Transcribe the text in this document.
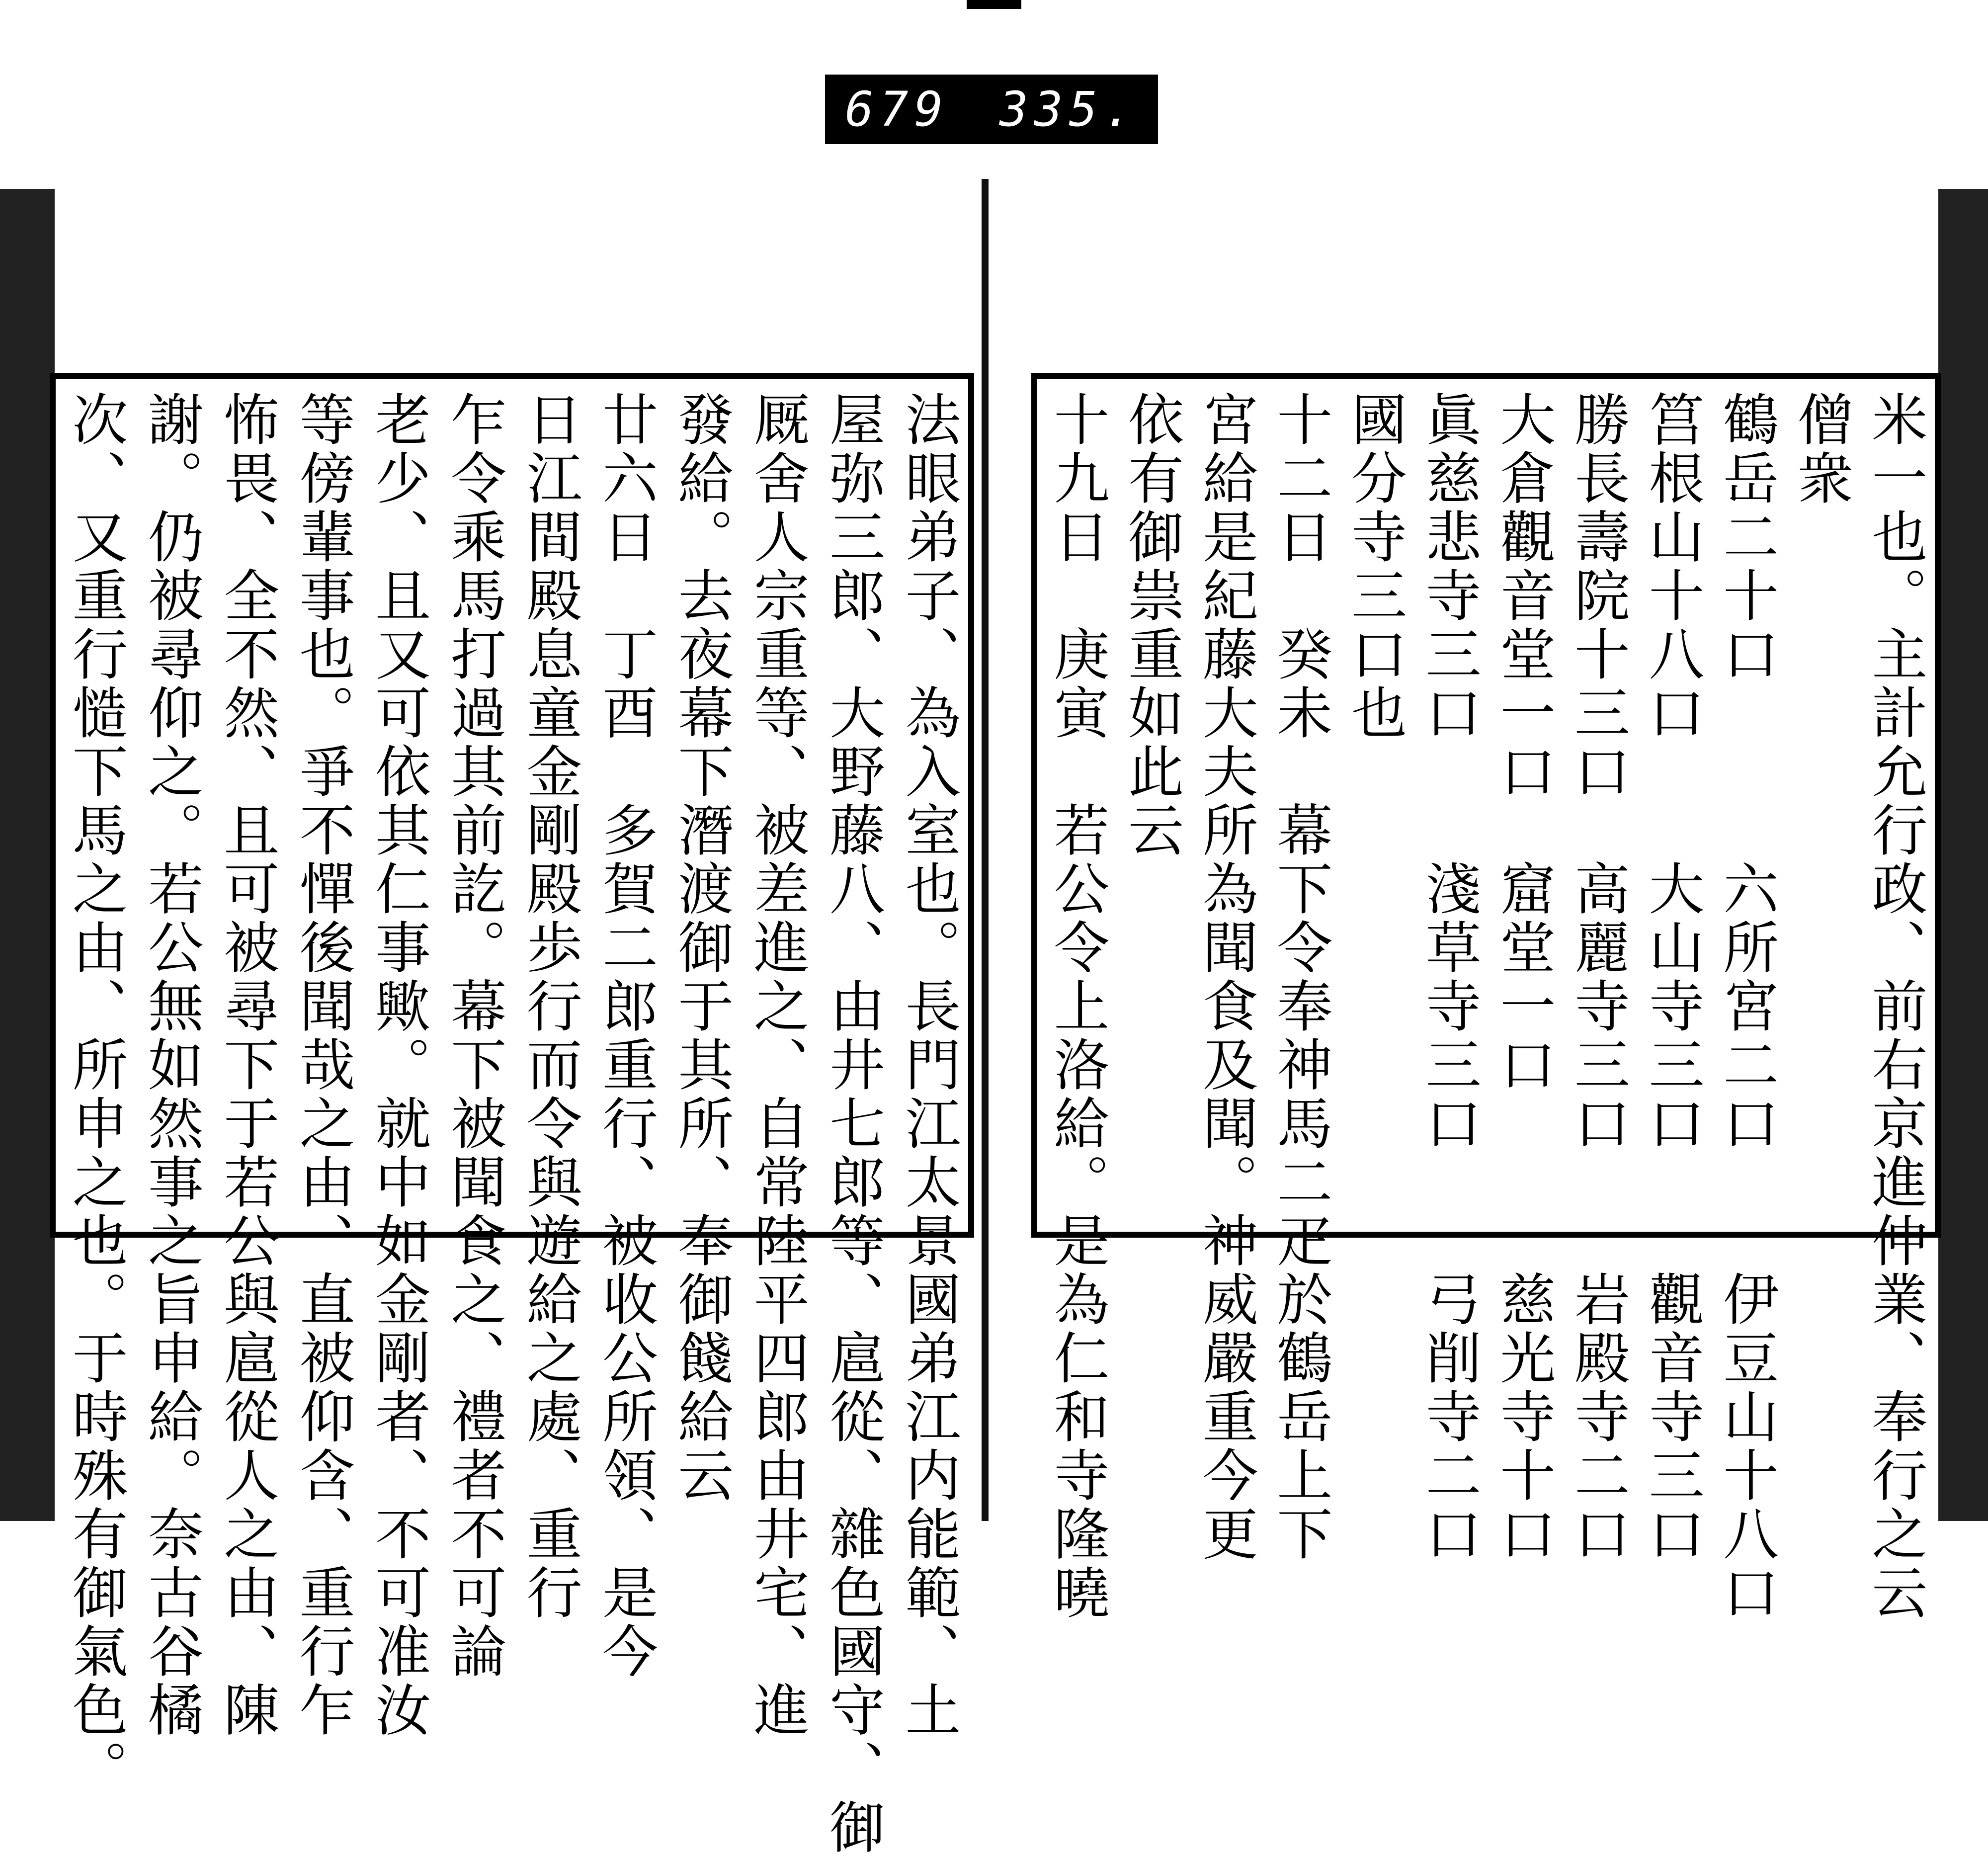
679 335.
法眼弟子、為入室也。長門江太景國弟江内能範、土
屋弥三郎、大野藤八、由井七郎等、扈從、雜色國守、御
厩舍人宗重等、被差進之、自常陸平四郎由井宅、進
發給。去夜幕下潛渡御于其所、奉御餞給云
廿六日　丁酉　多賀二郎重行、被收公所領、是今
日江間殿息童金剛殿歩行而令與遊給之處、重行
乍令乘馬打過其前訖。幕下被聞食之、禮者不可論
老少、且又可依其仁事歟。就中如金剛者、不可准汝
等傍輩事也。爭不憚後聞哉之由、直被仰含、重行乍
怖畏、全不然、且可被尋下于若公與扈從人之由、陳
謝。仍被尋仰之。若公無如然事之旨申給。奈古谷橘
次、又重行慥下馬之由、所申之也。于時殊有御氣色。	米一也。主計允行政、前右京進仲業、奉行之云
僧衆
鶴岳二十口　　　六所宮二口　　伊豆山十八口
筥根山十八口　　大山寺三口　　觀音寺三口
勝長壽院十三口　高麗寺三口　　岩殿寺二口
大倉觀音堂一口　窟堂一口　　　慈光寺十口
眞慈悲寺三口　　淺草寺三口　　弓削寺二口
國分寺三口也
十二日　癸未　幕下令奉神馬二疋於鶴岳上下
宮給是紀藤大夫所為聞食及聞。神威嚴重今更
依有御祟重如此云
十九日　庚寅　若公令上洛給。是為仁和寺隆曉
